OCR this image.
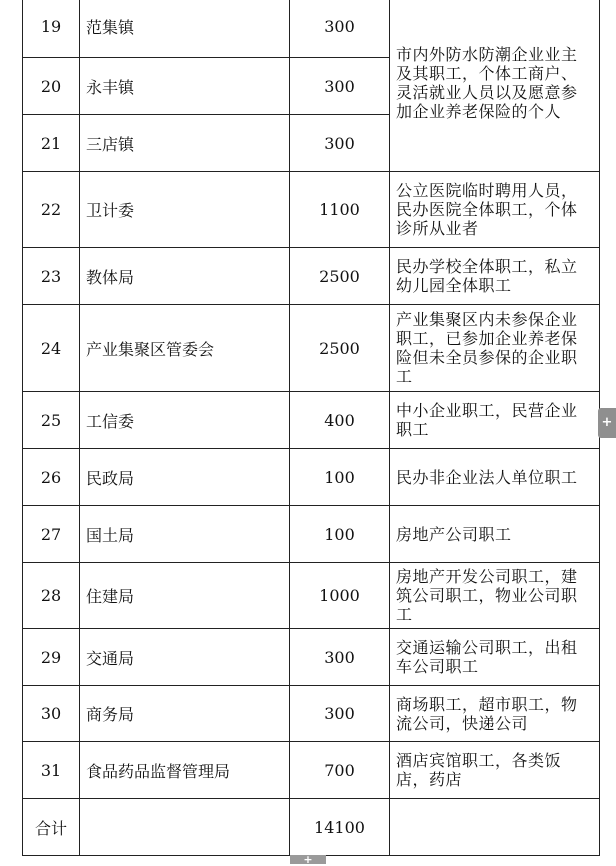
19	范集镇	300	市内外防水防潮企业业主及其职工，个体工商户、灵活就业人员以及愿意参加企业养老保险的个人
20	永丰镇	300	
21	三店镇	300	
22	卫计委	1100	公立医院临时聘用人员，民办医院全体职工，个体诊所从业者
23	教体局	2500	民办学校全体职工，私立幼儿园全体职工
24	产业集聚区管委会	2500	产业集聚区内未参保企业职工，已参加企业养老保险但未全员参保的企业职工
25	工信委	400	中小企业职工，民营企业职工
26	民政局	100	民办非企业法人单位职工
27	国土局	100	房地产公司职工
28	住建局	1000	房地产开发公司职工，建筑公司职工，物业公司职工
29	交通局	300	交通运输公司职工，出租车公司职工
30	商务局	300	商场职工，超市职工，物流公司，快递公司
31	食品药品监督管理局	700	酒店宾馆职工，各类饭店，药店
合计		14100	
+
+
